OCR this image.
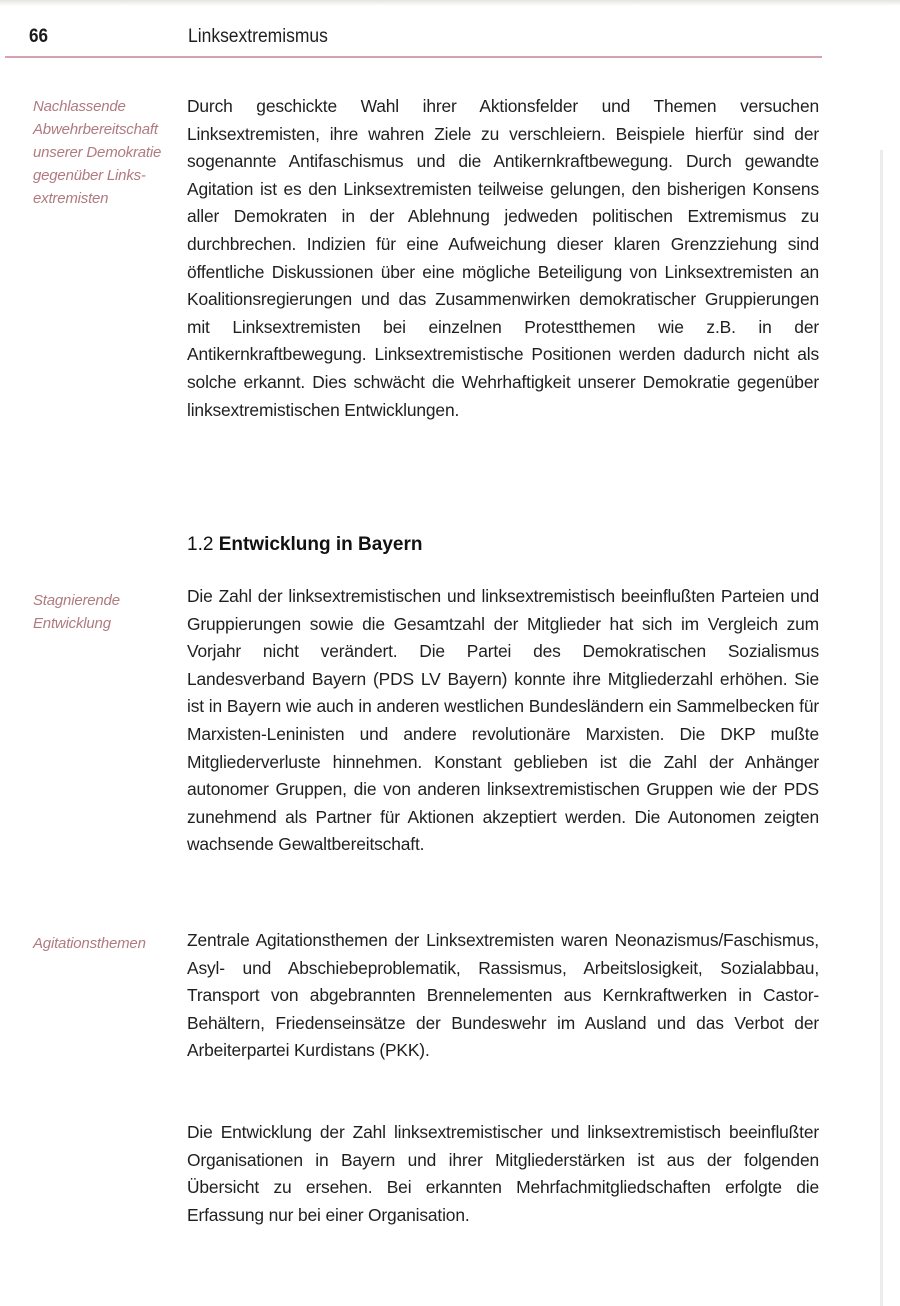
66	Linksextremismus
Nachlassende Abwehrbereitschaft unserer Demokratie gegenüber Linksextremisten

Durch geschickte Wahl ihrer Aktionsfelder und Themen versuchen Linksextremisten, ihre wahren Ziele zu verschleiern. Beispiele hierfür sind der sogenannte Antifaschismus und die Antikernkraftbewegung. Durch gewandte Agitation ist es den Linksextremisten teilweise gelungen, den bisherigen Konsens aller Demokraten in der Ablehnung jedweden politischen Extremismus zu durchbrechen. Indizien für eine Aufweichung dieser klaren Grenzziehung sind öffentliche Diskussionen über eine mögliche Beteiligung von Linksextremisten an Koalitionsregierungen und das Zusammenwirken demokratischer Gruppierungen mit Linksextremisten bei einzelnen Protestthemen wie z.B. in der Antikernkraftbewegung. Linksextremistische Positionen werden dadurch nicht als solche erkannt. Dies schwächt die Wehrhaftigkeit unserer Demokratie gegenüber linksextremistischen Entwicklungen.

1.2 Entwicklung in Bayern
Stagnierende Entwicklung

Die Zahl der linksextremistischen und linksextremistisch beeinflußten Parteien und Gruppierungen sowie die Gesamtzahl der Mitglieder hat sich im Vergleich zum Vorjahr nicht verändert. Die Partei des Demokratischen Sozialismus Landesverband Bayern (PDS LV Bayern) konnte ihre Mitgliederzahl erhöhen. Sie ist in Bayern wie auch in anderen westlichen Bundesländern ein Sammelbecken für Marxisten-Leninisten und andere revolutionäre Marxisten. Die DKP mußte Mitgliederverluste hinnehmen. Konstant geblieben ist die Zahl der Anhänger autonomer Gruppen, die von anderen linksextremistischen Gruppen wie der PDS zunehmend als Partner für Aktionen akzeptiert werden. Die Autonomen zeigten wachsende Gewaltbereitschaft.

Agitationsthemen	Zentrale Agitationsthemen der Linksextremisten waren Neonazismus/Faschismus, Asyl- und Abschiebeproblematik, Rassismus, Arbeitslosigkeit, Sozialabbau, Transport von abgebrannten Brennelementen aus Kernkraftwerken in Castor-Behältern, Friedenseinsätze der Bundeswehr im Ausland und das Verbot der Arbeiterpartei Kurdistans (PKK).

Die Entwicklung der Zahl linksextremistischer und linksextremistisch beeinflußter Organisationen in Bayern und ihrer Mitgliederstärken ist aus der folgenden Übersicht zu ersehen. Bei erkannten Mehrfachmitgliedschaften erfolgte die Erfassung nur bei einer Organisation.
